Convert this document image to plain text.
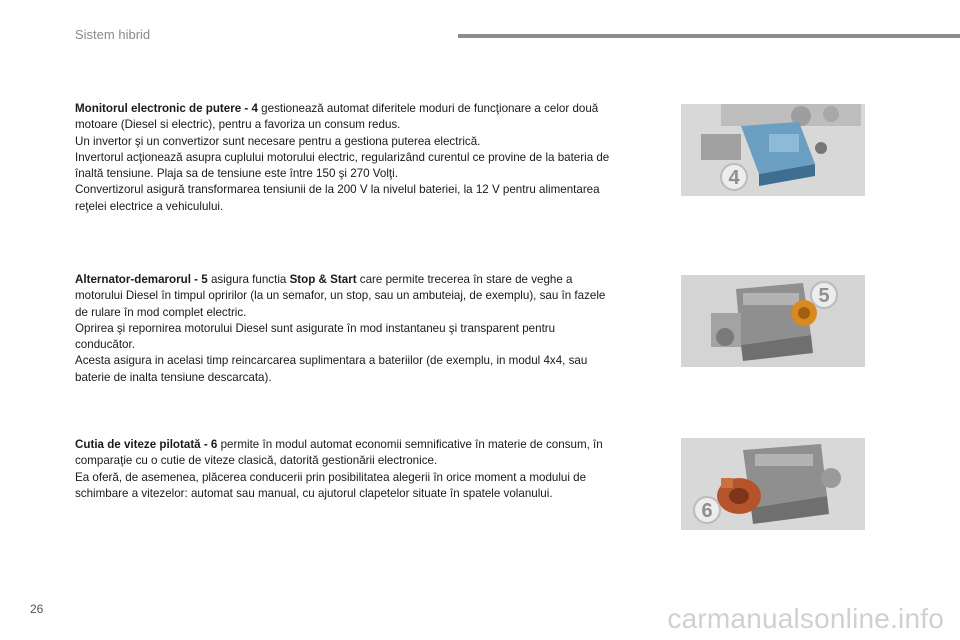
Sistem hibrid

Monitorul electronic de putere - 4 gestionează automat diferitele moduri de funcţionare a celor două motoare (Diesel si electric), pentru a favoriza un consum redus.

Un invertor şi un convertizor sunt necesare pentru a gestiona puterea electrică.

Invertorul acţionează asupra cuplului motorului electric, regularizând curentul ce provine de la bateria de înaltă tensiune. Plaja sa de tensiune este între 150 şi 270 Volţi.

Convertizorul asigură transformarea tensiunii de la 200 V la nivelul bateriei, la 12 V pentru alimentarea reţelei electrice a vehiculului.

Alternator-demarorul - 5 asigura functia Stop & Start care permite trecerea în stare de veghe a motorului Diesel în timpul opririlor (la un semafor, un stop, sau un ambuteiaj, de exemplu), sau în fazele de rulare în mod complet electric.

Oprirea şi repornirea motorului Diesel sunt asigurate în mod instantaneu şi transparent pentru conducător.

Acesta asigura in acelasi timp reincarcarea suplimentara a bateriilor (de exemplu, in modul 4x4, sau baterie de inalta tensiune descarcata).

Cutia de viteze pilotată - 6 permite în modul automat economii semnificative în materie de consum, în comparaţie cu o cutie de viteze clasică, datorită gestionării electronice.

Ea oferă, de asemenea, plăcerea conducerii prin posibilitatea alegerii în orice moment a modului de schimbare a vitezelor: automat sau manual, cu ajutorul clapetelor situate în spatele volanului.

4
5
6
26	carmanualsonline.info
